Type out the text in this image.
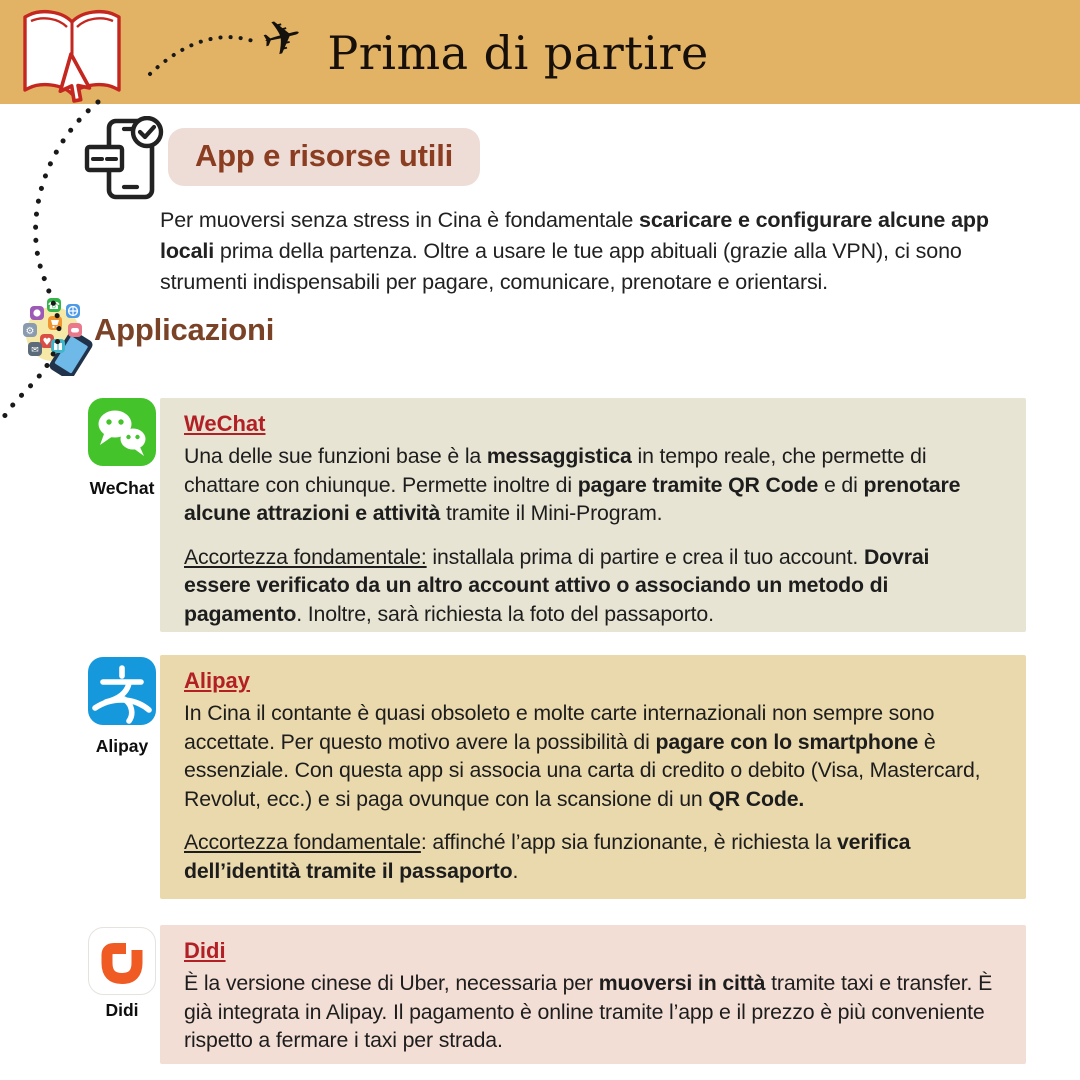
Prima di partire
✈
App e risorse utili
Per muoversi senza stress in Cina è fondamentale scaricare e configurare alcune app locali prima della partenza. Oltre a usare le tue app abituali (grazie alla VPN), ci sono strumenti indispensabili per pagare, comunicare, prenotare e orientarsi.
☎
⚙
♥
✉
Applicazioni
WeChat
WeChat

Una delle sue funzioni base è la messaggistica in tempo reale, che permette di chattare con chiunque. Permette inoltre di pagare tramite QR Code e di prenotare alcune attrazioni e attività tramite il Mini-Program.

Accortezza fondamentale: installala prima di partire e crea il tuo account. Dovrai essere verificato da un altro account attivo o associando un metodo di pagamento. Inoltre, sarà richiesta la foto del passaporto.

Alipay
Alipay

In Cina il contante è quasi obsoleto e molte carte internazionali non sempre sono accettate. Per questo motivo avere la possibilità di pagare con lo smartphone è essenziale. Con questa app si associa una carta di credito o debito (Visa, Mastercard, Revolut, ecc.) e si paga ovunque con la scansione di un QR Code.

Accortezza fondamentale: affinché l’app sia funzionante, è richiesta la verifica dell’identità tramite il passaporto.

Didi
Didi

È la versione cinese di Uber, necessaria per muoversi in città tramite taxi e transfer. È già integrata in Alipay. Il pagamento è online tramite l’app e il prezzo è più conveniente rispetto a fermare i taxi per strada.
